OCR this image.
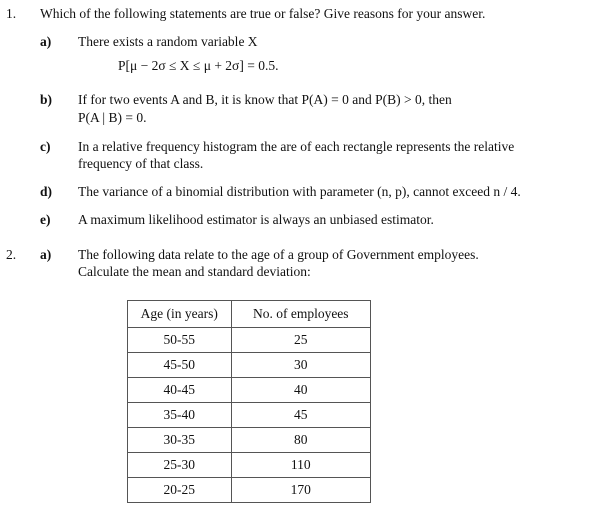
1. Which of the following statements are true or false? Give reasons for your answer.
a) There exists a random variable X
P[μ − 2σ ≤ X ≤ μ + 2σ] = 0.5.
b) If for two events A and B, it is know that P(A) = 0 and P(B) > 0, then
P(A | B) = 0.
c) In a relative frequency histogram the are of each rectangle represents the relative
frequency of that class.
d) The variance of a binomial distribution with parameter (n, p), cannot exceed n / 4.
e) A maximum likelihood estimator is always an unbiased estimator.
2. a) The following data relate to the age of a group of Government employees.
Calculate the mean and standard deviation:
Age (in years)	No. of employees
50-55	25
45-50	30
40-45	40
35-40	45
30-35	80
25-30	110
20-25	170
